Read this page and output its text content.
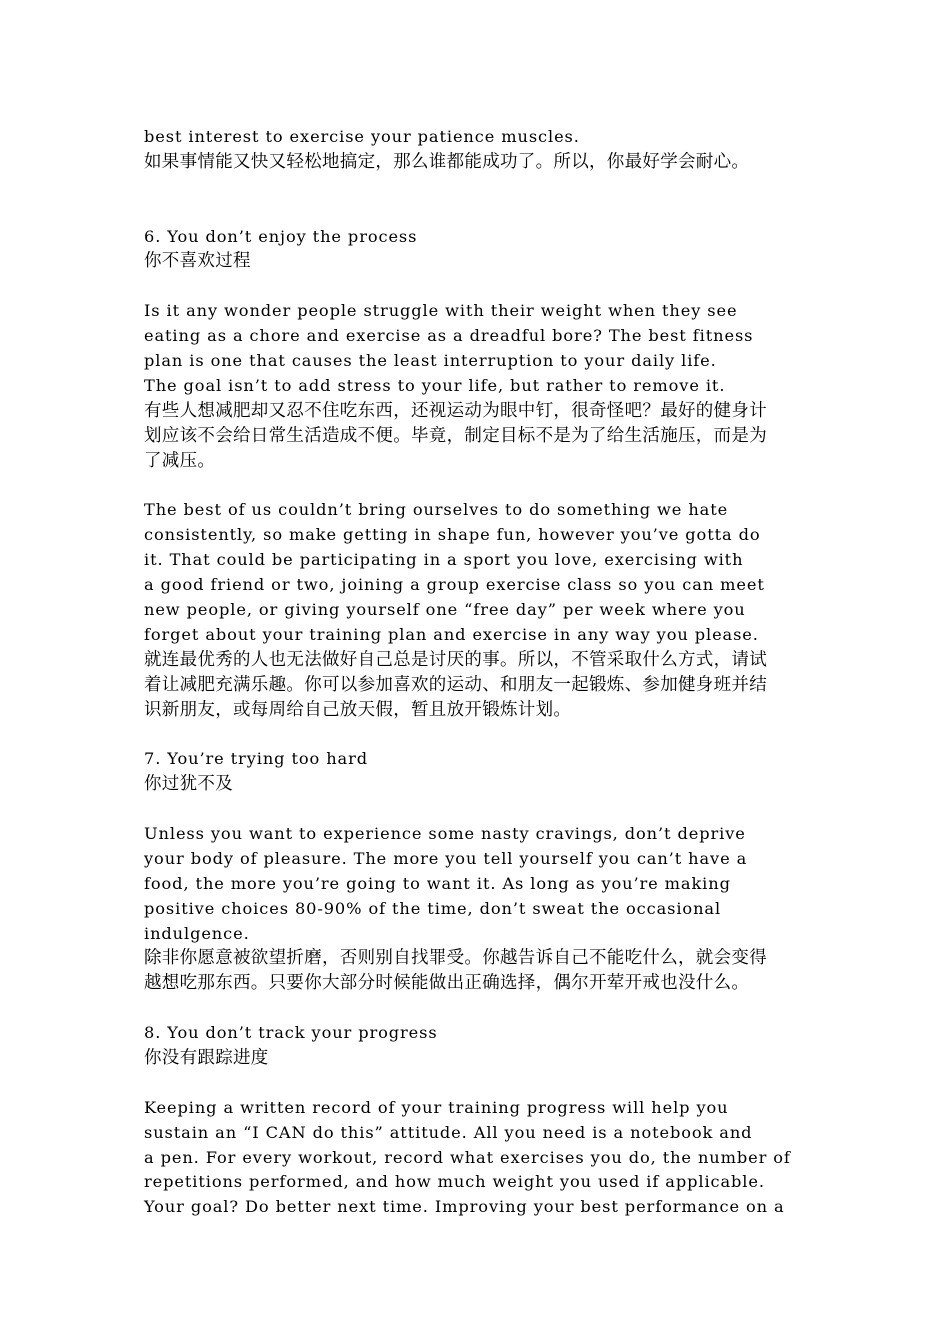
best interest to exercise your patience muscles.
如果事情能又快又轻松地搞定，那么谁都能成功了。所以，你最好学会耐心。
6. You don’t enjoy the process
你不喜欢过程
Is it any wonder people struggle with their weight when they see
eating as a chore and exercise as a dreadful bore? The best fitness
plan is one that causes the least interruption to your daily life.
The goal isn’t to add stress to your life, but rather to remove it.
有些人想减肥却又忍不住吃东西，还视运动为眼中钉，很奇怪吧？最好的健身计
划应该不会给日常生活造成不便。毕竟，制定目标不是为了给生活施压，而是为
了减压。
The best of us couldn’t bring ourselves to do something we hate
consistently, so make getting in shape fun, however you’ve gotta do
it. That could be participating in a sport you love, exercising with
a good friend or two, joining a group exercise class so you can meet
new people, or giving yourself one “free day” per week where you
forget about your training plan and exercise in any way you please.
就连最优秀的人也无法做好自己总是讨厌的事。所以，不管采取什么方式，请试
着让减肥充满乐趣。你可以参加喜欢的运动、和朋友一起锻炼、参加健身班并结
识新朋友，或每周给自己放天假，暂且放开锻炼计划。
7. You’re trying too hard
你过犹不及
Unless you want to experience some nasty cravings, don’t deprive
your body of pleasure. The more you tell yourself you can’t have a
food, the more you’re going to want it. As long as you’re making
positive choices 80-90% of the time, don’t sweat the occasional
indulgence.
除非你愿意被欲望折磨，否则别自找罪受。你越告诉自己不能吃什么，就会变得
越想吃那东西。只要你大部分时候能做出正确选择，偶尔开荤开戒也没什么。
8. You don’t track your progress
你没有跟踪进度
Keeping a written record of your training progress will help you
sustain an “I CAN do this” attitude. All you need is a notebook and
a pen. For every workout, record what exercises you do, the number of
repetitions performed, and how much weight you used if applicable.
Your goal? Do better next time. Improving your best performance on a
